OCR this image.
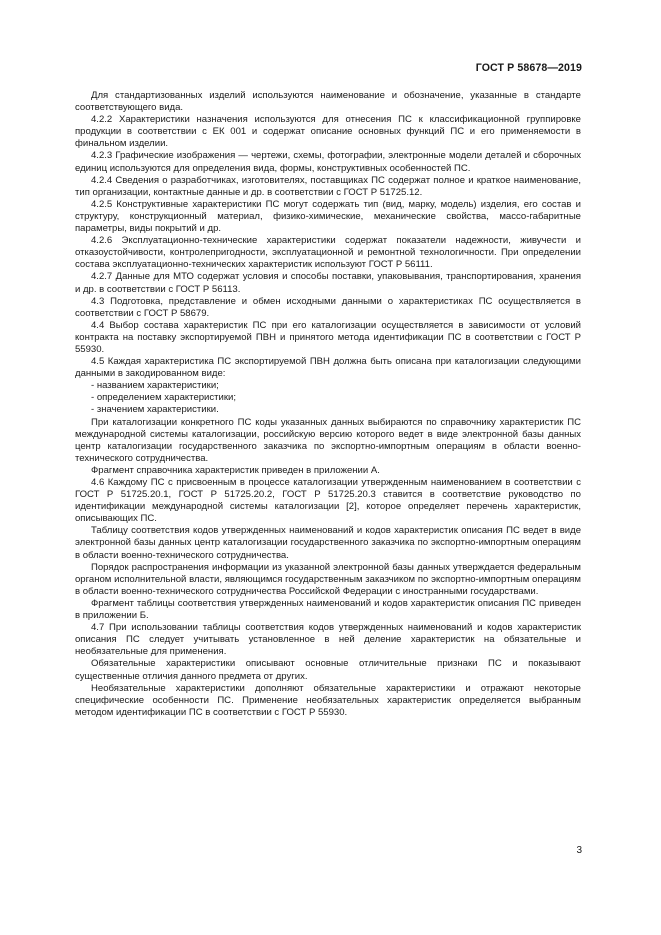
ГОСТ Р 58678—2019

Для стандартизованных изделий используются наименование и обозначение, указанные в стандарте соответствующего вида.

4.2.2 Характеристики назначения используются для отнесения ПС к классификационной группировке продукции в соответствии с ЕК 001 и содержат описание основных функций ПС и его применяемости в финальном изделии.

4.2.3 Графические изображения — чертежи, схемы, фотографии, электронные модели деталей и сборочных единиц используются для определения вида, формы, конструктивных особенностей ПС.

4.2.4 Сведения о разработчиках, изготовителях, поставщиках ПС содержат полное и краткое наименование, тип организации, контактные данные и др. в соответствии с ГОСТ Р 51725.12.

4.2.5 Конструктивные характеристики ПС могут содержать тип (вид, марку, модель) изделия, его состав и структуру, конструкционный материал, физико-химические, механические свойства, массо-габаритные параметры, виды покрытий и др.

4.2.6 Эксплуатационно-технические характеристики содержат показатели надежности, живучести и отказоустойчивости, контролепригодности, эксплуатационной и ремонтной технологичности. При определении состава эксплуатационно-технических характеристик используют ГОСТ Р 56111.

4.2.7 Данные для МТО содержат условия и способы поставки, упаковывания, транспортирования, хранения и др. в соответствии с ГОСТ Р 56113.

4.3 Подготовка, представление и обмен исходными данными о характеристиках ПС осуществляется в соответствии с ГОСТ Р 58679.

4.4 Выбор состава характеристик ПС при его каталогизации осуществляется в зависимости от условий контракта на поставку экспортируемой ПВН и принятого метода идентификации ПС в соответствии с ГОСТ Р 55930.

4.5 Каждая характеристика ПС экспортируемой ПВН должна быть описана при каталогизации следующими данными в закодированном виде:

- названием характеристики;

- определением характеристики;

- значением характеристики.

При каталогизации конкретного ПС коды указанных данных выбираются по справочнику характеристик ПС международной системы каталогизации, российскую версию которого ведет в виде электронной базы данных центр каталогизации государственного заказчика по экспортно-импортным операциям в области военно-технического сотрудничества.

Фрагмент справочника характеристик приведен в приложении А.

4.6 Каждому ПС с присвоенным в процессе каталогизации утвержденным наименованием в соответствии с ГОСТ Р 51725.20.1, ГОСТ Р 51725.20.2, ГОСТ Р 51725.20.3 ставится в соответствие руководство по идентификации международной системы каталогизации [2], которое определяет перечень характеристик, описывающих ПС.

Таблицу соответствия кодов утвержденных наименований и кодов характеристик описания ПС ведет в виде электронной базы данных центр каталогизации государственного заказчика по экспортно-импортным операциям в области военно-технического сотрудничества.

Порядок распространения информации из указанной электронной базы данных утверждается федеральным органом исполнительной власти, являющимся государственным заказчиком по экспортно-импортным операциям в области военно-технического сотрудничества Российской Федерации с иностранными государствами.

Фрагмент таблицы соответствия утвержденных наименований и кодов характеристик описания ПС приведен в приложении Б.

4.7 При использовании таблицы соответствия кодов утвержденных наименований и кодов характеристик описания ПС следует учитывать установленное в ней деление характеристик на обязательные и необязательные для применения.

Обязательные характеристики описывают основные отличительные признаки ПС и показывают существенные отличия данного предмета от других.

Необязательные характеристики дополняют обязательные характеристики и отражают некоторые специфические особенности ПС. Применение необязательных характеристик определяется выбранным методом идентификации ПС в соответствии с ГОСТ Р 55930.

3
